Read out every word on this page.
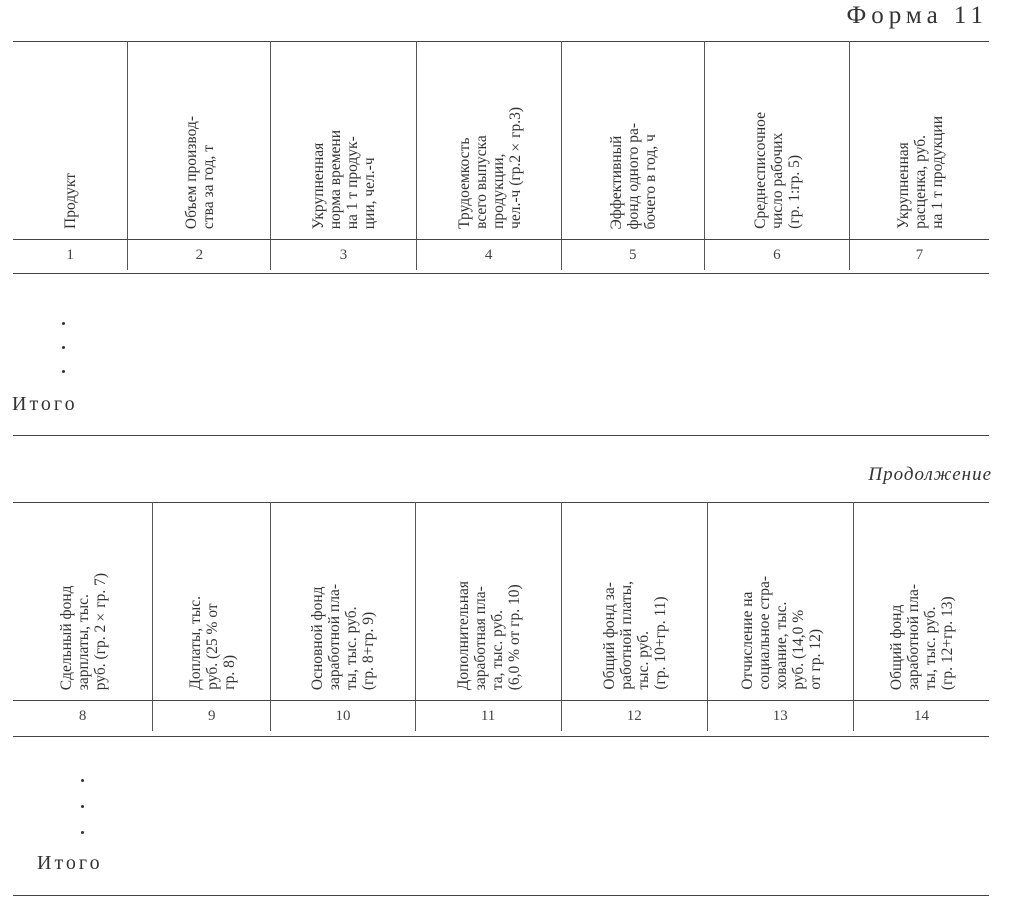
Форма 11
Продукт	Объем производ- ства за год, т	Укрупненная норма времени на 1 т продук- ции, чел.-ч	Трудоемкость всего выпуска продукции, чел.-ч (гр.2×гр.3)	Эффективный фонд одного ра- бочего в год, ч	Среднесписочное число рабочих (гр. 1:гр. 5)	Укрупненная расценка, руб. на 1 т продукции
1	2	3	4	5	6	7
Итого
Продолжение
Сдельный фонд зарплаты, тыс. руб. (гр. 2×гр. 7)	Доплаты, тыс. руб. (25 % от гр. 8)	Основной фонд заработной пла- ты, тыс. руб. (гр. 8+гр. 9)	Дополнительная заработная пла- та, тыс. руб. (6,0 % от гр. 10)	Общий фонд за- работной платы, тыс. руб. (гр. 10+гр. 11)	Отчисление на социальное стра- хование, тыс. руб. (14,0 % от гр. 12)	Общий фонд заработной пла- ты, тыс. руб. (гр. 12+гр. 13)
8	9	10	11	12	13	14
Итого
